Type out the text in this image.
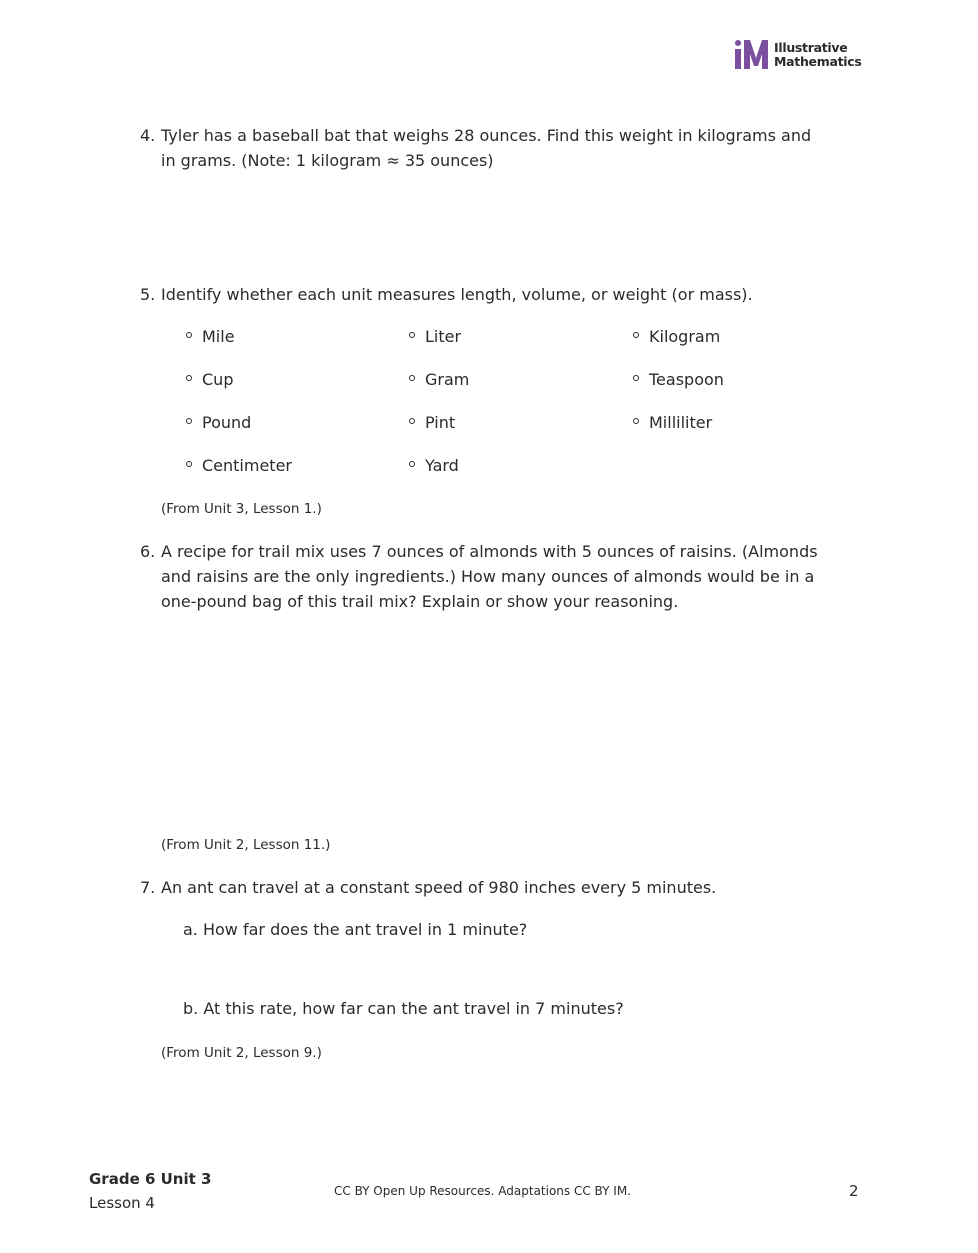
Illustrative
Mathematics
4. Tyler has a baseball bat that weighs 28 ounces. Find this weight in kilograms and in grams. (Note: 1 kilogram ≈ 35 ounces)
5. Identify whether each unit measures length, volume, or weight (or mass).
Mile	Liter	Kilogram
Cup	Gram	Teaspoon
Pound	Pint	Milliliter
Centimeter	Yard
(From Unit 3, Lesson 1.)
6. A recipe for trail mix uses 7 ounces of almonds with 5 ounces of raisins. (Almonds and raisins are the only ingredients.) How many ounces of almonds would be in a one-pound bag of this trail mix? Explain or show your reasoning.
(From Unit 2, Lesson 11.)
7. An ant can travel at a constant speed of 980 inches every 5 minutes.
a. How far does the ant travel in 1 minute?
b. At this rate, how far can the ant travel in 7 minutes?
(From Unit 2, Lesson 9.)
Grade 6 Unit 3
Lesson 4
CC BY Open Up Resources. Adaptations CC BY IM.	2
